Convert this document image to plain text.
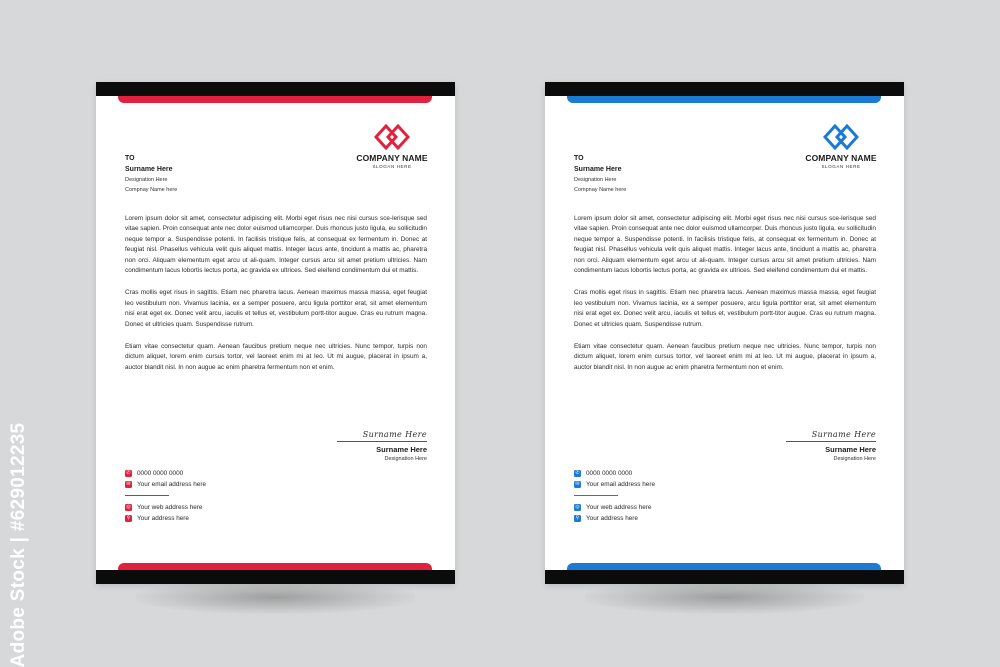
Adobe Stock | #629012235
COMPANY NAME
SLOGAN HERE
TO
Surname Here
Designation Here
Compnay Name here

Lorem ipsum dolor sit amet, consectetur adipiscing elit. Morbi eget risus nec nisi cursus sce-lerisque sed vitae sapien. Proin consequat ante nec dolor euismod ullamcorper. Duis rhoncus justo ligula, eu sollicitudin neque tempor a. Suspendisse potenti. In facilisis tristique felis, at consequat ex fermentum in. Donec at feugiat nisl. Phasellus vehicula velit quis aliquet mattis. Integer lacus ante, tincidunt a mattis ac, pharetra non orci. Aliquam elementum eget arcu ut ali-quam. Integer cursus arcu sit amet pretium ultricies. Nam condimentum lacus lobortis lectus porta, ac gravida ex ultrices. Sed eleifend condimentum dui et mattis.

Cras mollis eget risus in sagittis. Etiam nec pharetra lacus. Aenean maximus massa massa, eget feugiat leo vestibulum non. Vivamus lacinia, ex a semper posuere, arcu ligula porttitor erat, sit amet elementum nisi erat eget ex. Donec velit arcu, iaculis et tellus et, vestibulum portt-titor augue. Cras eu rutrum magna. Donec et ultricies quam. Suspendisse rutrum.

Etiam vitae consectetur quam. Aenean faucibus pretium neque nec ultricies. Nunc tempor, turpis non dictum aliquet, lorem enim cursus tortor, vel laoreet enim mi at leo. Ut mi augue, placerat in ipsum a, auctor blandit nisl. In non augue ac enim pharetra fermentum non et enim.

Surname Here
Surname Here
Designation Here
✆ 0000 0000 0000
✉ Your email address here
◎ Your web address here
⚲ Your address here
COMPANY NAME
SLOGAN HERE
TO
Surname Here
Designation Here
Compnay Name here

Lorem ipsum dolor sit amet, consectetur adipiscing elit. Morbi eget risus nec nisi cursus sce-lerisque sed vitae sapien. Proin consequat ante nec dolor euismod ullamcorper. Duis rhoncus justo ligula, eu sollicitudin neque tempor a. Suspendisse potenti. In facilisis tristique felis, at consequat ex fermentum in. Donec at feugiat nisl. Phasellus vehicula velit quis aliquet mattis. Integer lacus ante, tincidunt a mattis ac, pharetra non orci. Aliquam elementum eget arcu ut ali-quam. Integer cursus arcu sit amet pretium ultricies. Nam condimentum lacus lobortis lectus porta, ac gravida ex ultrices. Sed eleifend condimentum dui et mattis.

Cras mollis eget risus in sagittis. Etiam nec pharetra lacus. Aenean maximus massa massa, eget feugiat leo vestibulum non. Vivamus lacinia, ex a semper posuere, arcu ligula porttitor erat, sit amet elementum nisi erat eget ex. Donec velit arcu, iaculis et tellus et, vestibulum portt-titor augue. Cras eu rutrum magna. Donec et ultricies quam. Suspendisse rutrum.

Etiam vitae consectetur quam. Aenean faucibus pretium neque nec ultricies. Nunc tempor, turpis non dictum aliquet, lorem enim cursus tortor, vel laoreet enim mi at leo. Ut mi augue, placerat in ipsum a, auctor blandit nisl. In non augue ac enim pharetra fermentum non et enim.

Surname Here
Surname Here
Designation Here
✆ 0000 0000 0000
✉ Your email address here
◎ Your web address here
⚲ Your address here
